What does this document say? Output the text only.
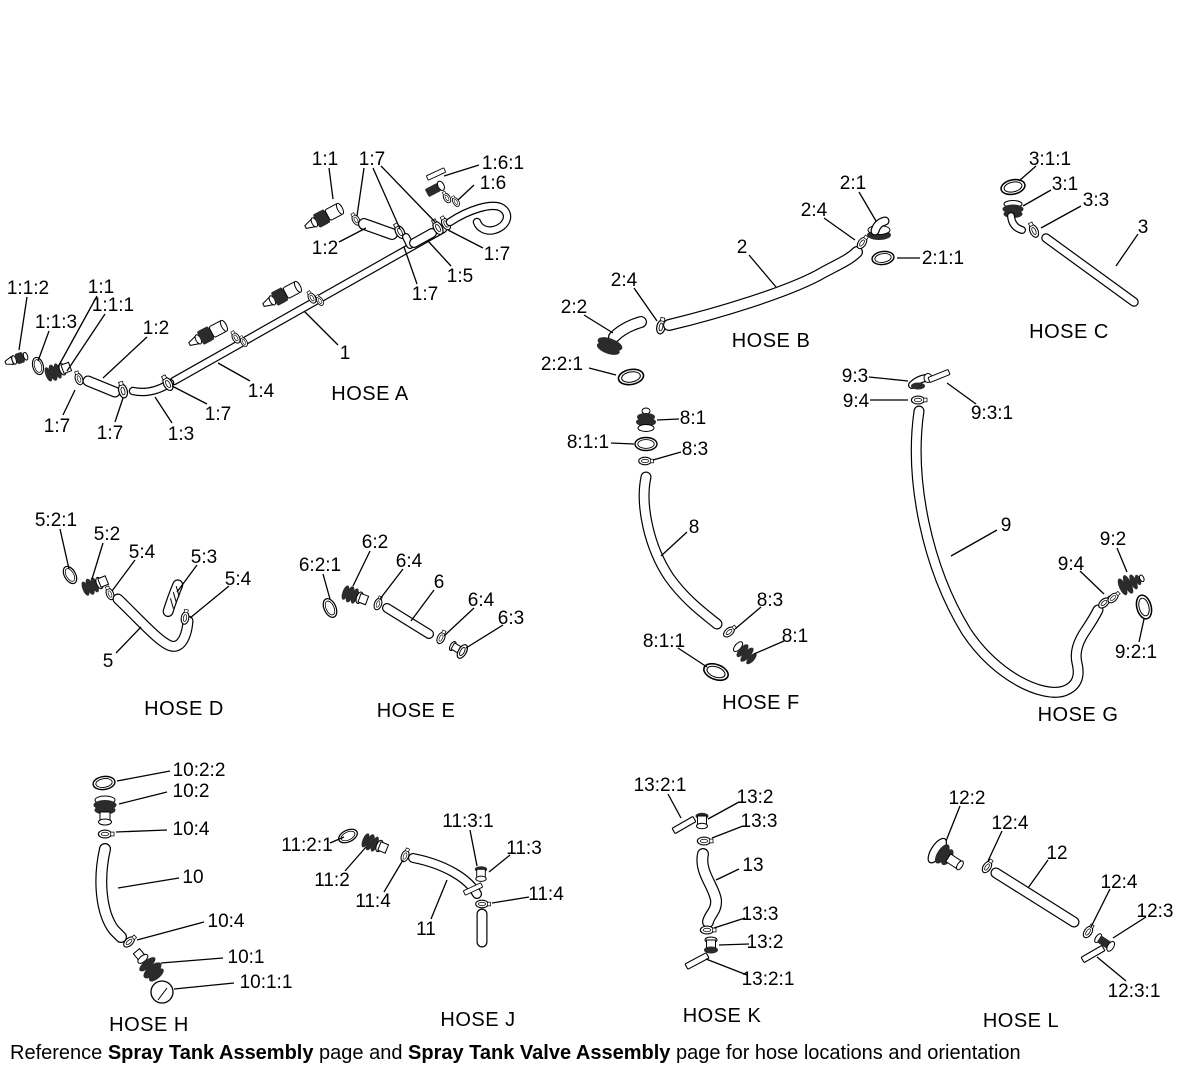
1:1 1:7	1:6:1
1:6
1:2	1:7
1:5
1:7
1:1:2
1:1:3
1:1
1:1:1
1:2
1:7 1:7 1:3
1:7
1:4
1
HOSE A
2:1
2:4
2
2:1:1
2:4
2:2
2:2:1
HOSE B
3:1:1
3:1
3:3
3
HOSE C
5:2:1
5:2
5:4 5:3
5:4
5
HOSE D
6:2
6:2:1	6:4
6
6:4
6:3
HOSE E
8:1
8:1:1	8:3
8
8:3
8:1:1	8:1
HOSE F
9:3
9:4
9:3:1
9
9:2
9:4
9:2:1
HOSE G
10:2:2
10:2
10:4
10
10:4
10:1
10:1:1
HOSE H
11:3:1
11:2:1	11:3
11:2
11:4	11:4
11
HOSE J
13:2:1
13:2
13:3
13
13:3
13:2
13:2:1
HOSE K
12:2
12:4
12
12:4
12:3
12:3:1
HOSE L
Reference Spray Tank Assembly page and Spray Tank Valve Assembly page for hose locations and orientation
